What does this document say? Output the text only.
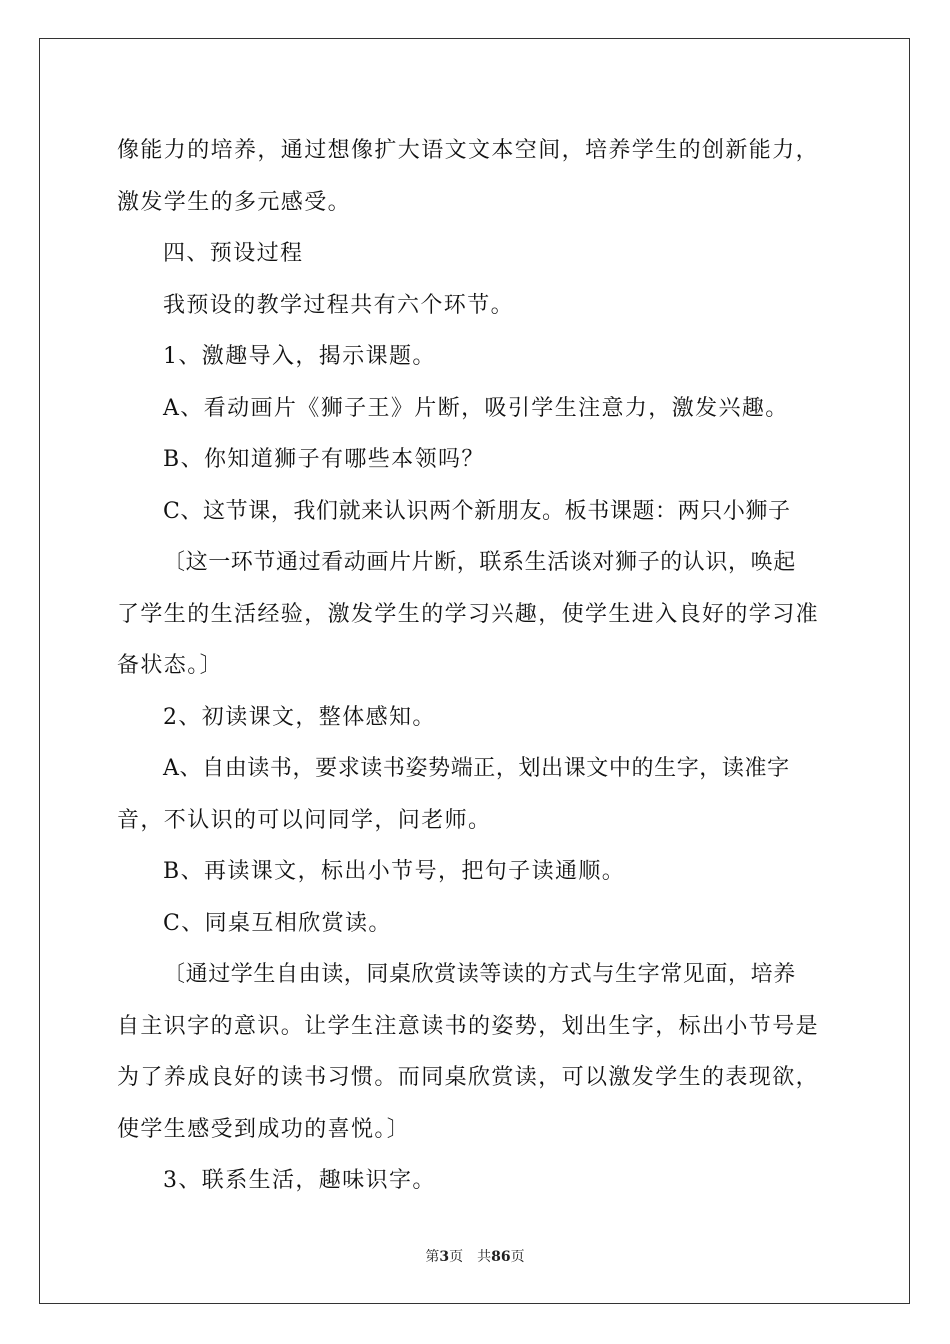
像能力的培养，通过想像扩大语文文本空间，培养学生的创新能力，
激发学生的多元感受。
四、预设过程
我预设的教学过程共有六个环节。
1、激趣导入，揭示课题。
A、看动画片《狮子王》片断，吸引学生注意力，激发兴趣。
B、你知道狮子有哪些本领吗？
C、这节课，我们就来认识两个新朋友。板书课题：两只小狮子
〔这一环节通过看动画片片断，联系生活谈对狮子的认识，唤起
了学生的生活经验，激发学生的学习兴趣，使学生进入良好的学习准
备状态。〕
2、初读课文，整体感知。
A、自由读书，要求读书姿势端正，划出课文中的生字，读准字
音，不认识的可以问同学，问老师。
B、再读课文，标出小节号，把句子读通顺。
C、同桌互相欣赏读。
〔通过学生自由读，同桌欣赏读等读的方式与生字常见面，培养
自主识字的意识。让学生注意读书的姿势，划出生字，标出小节号是
为了养成良好的读书习惯。而同桌欣赏读，可以激发学生的表现欲，
使学生感受到成功的喜悦。〕
3、联系生活，趣味识字。
第3页 共86页
